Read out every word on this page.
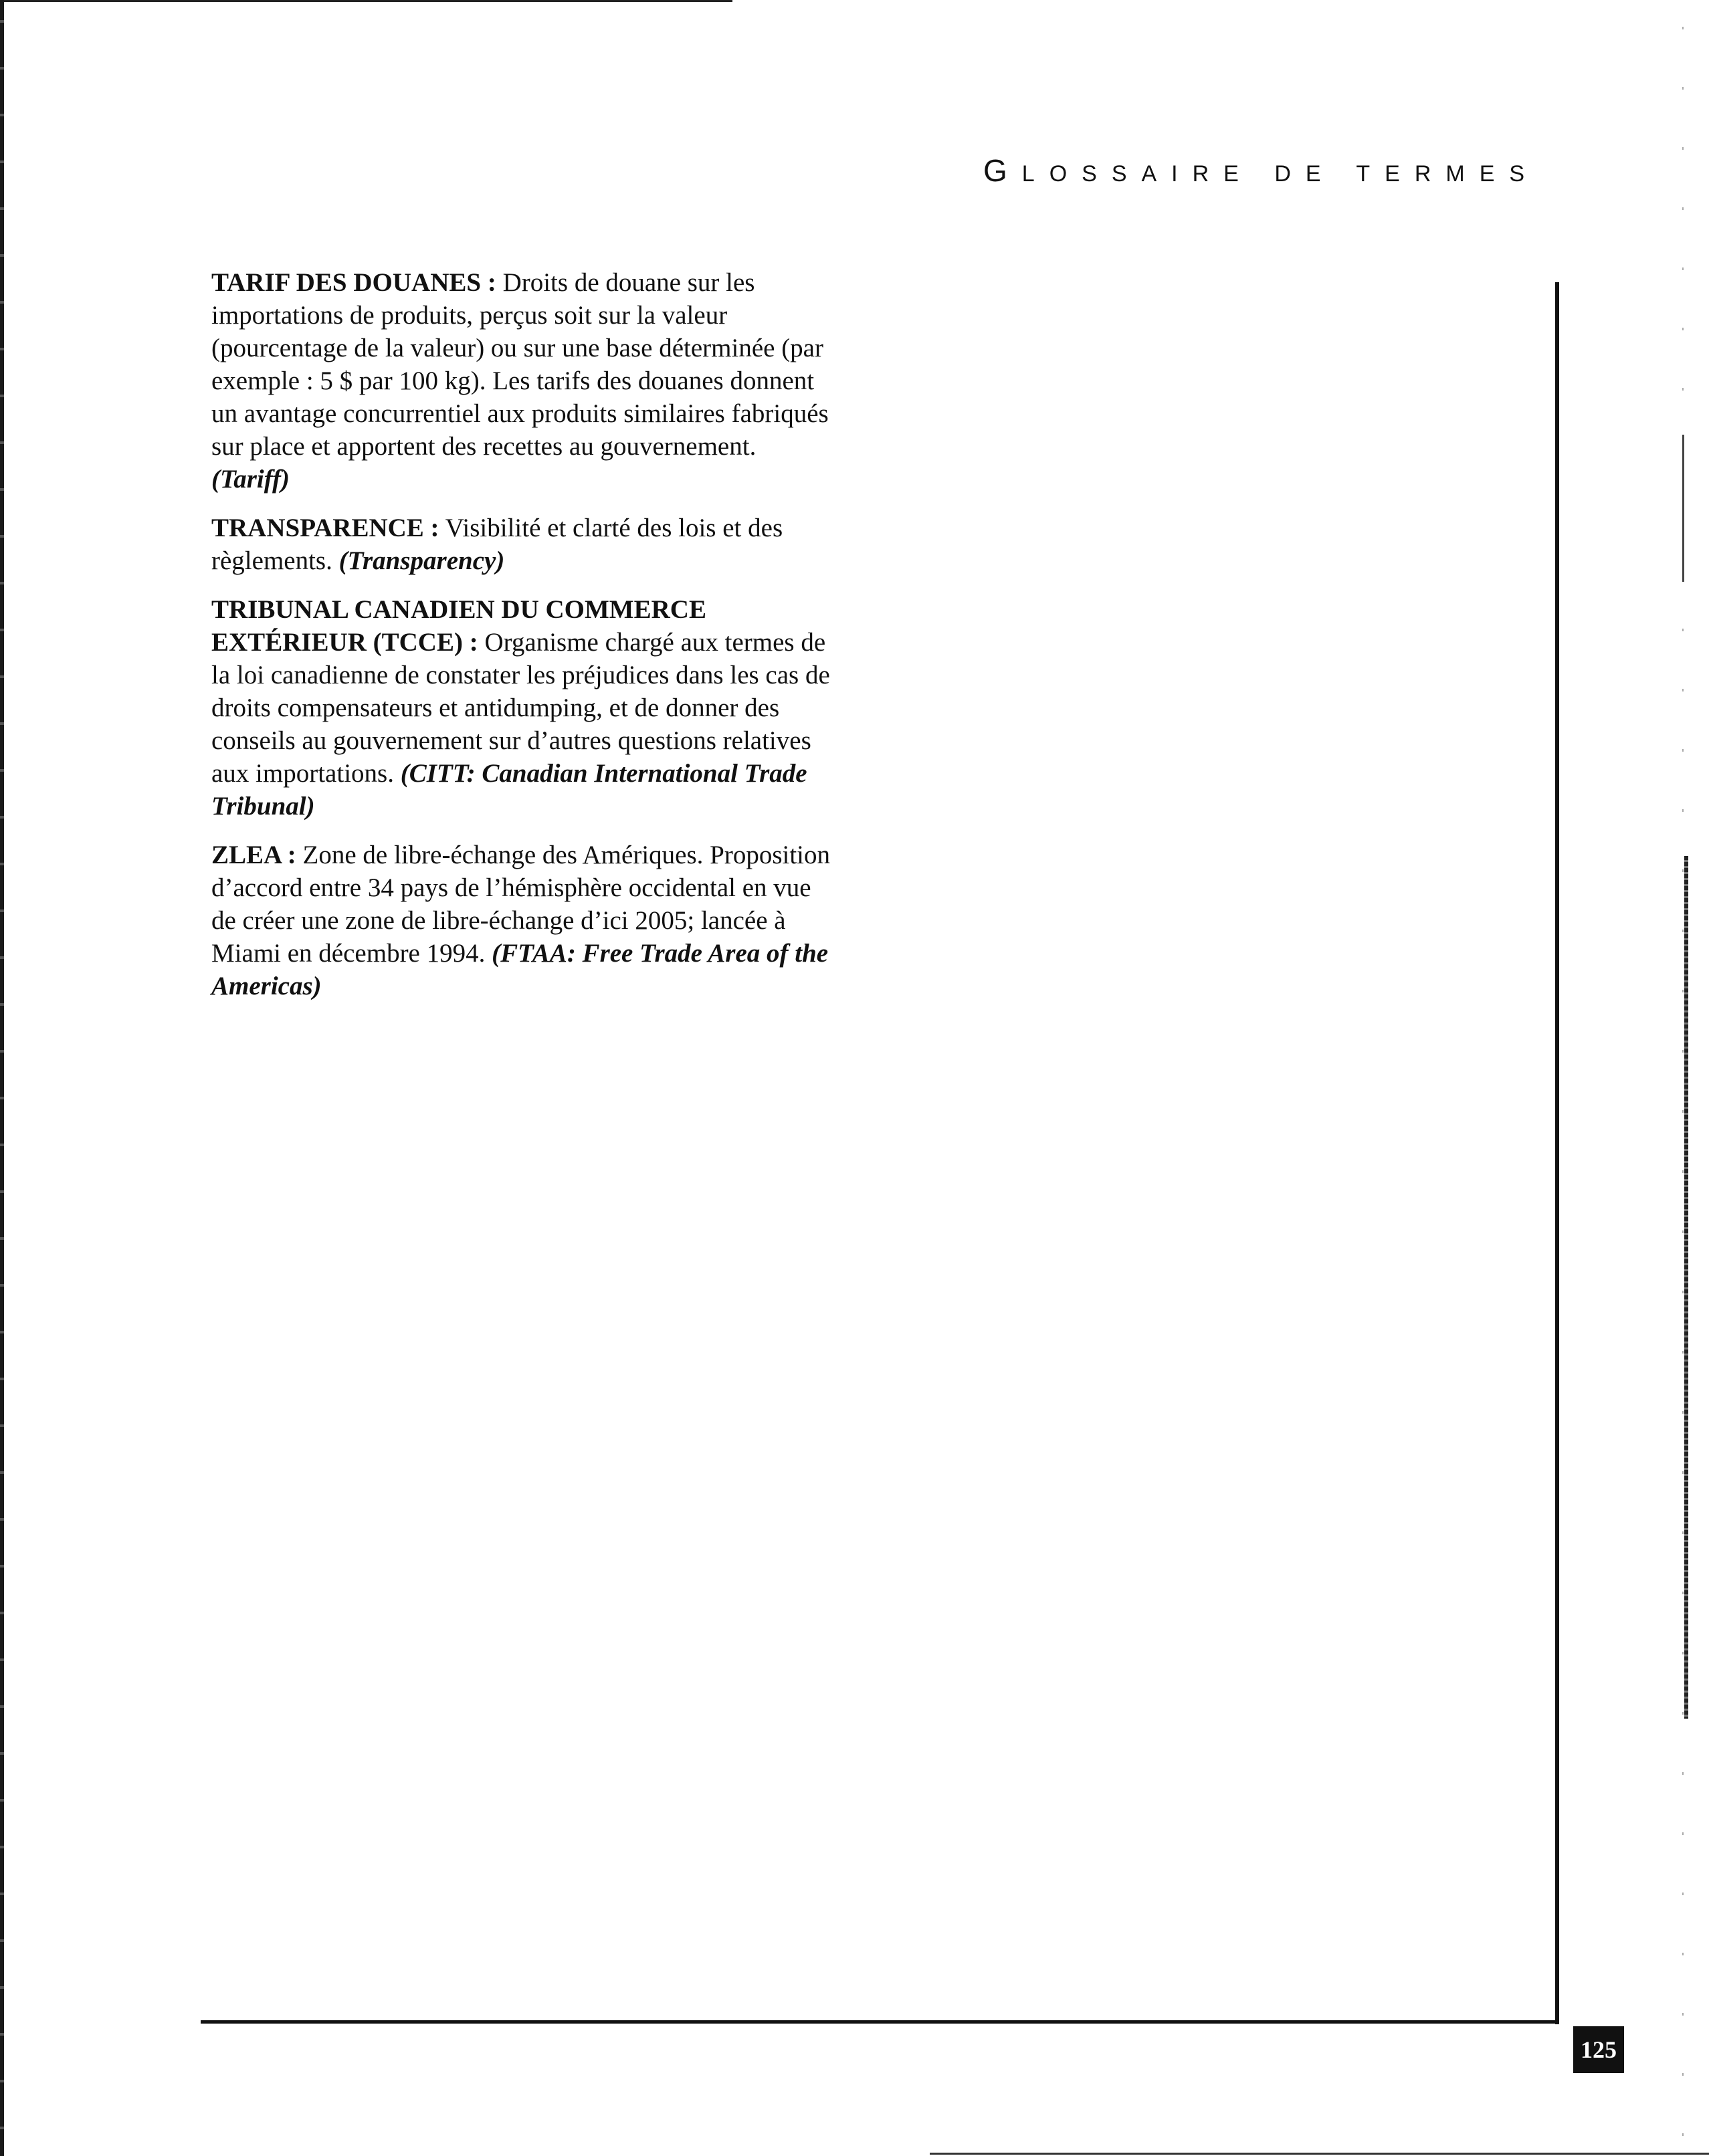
GLOSSAIRE DE TERMES

TARIF DES DOUANES : Droits de douane sur les importations de produits, perçus soit sur la valeur (pourcentage de la valeur) ou sur une base déterminée (par exemple : 5 $ par 100 kg). Les tarifs des douanes donnent un avantage concurrentiel aux produits similaires fabriqués sur place et apportent des recettes au gouvernement. (Tariff)

TRANSPARENCE : Visibilité et clarté des lois et des règlements. (Transparency)

TRIBUNAL CANADIEN DU COMMERCE EXTÉRIEUR (TCCE) : Organisme chargé aux termes de la loi canadienne de constater les préjudices dans les cas de droits compensateurs et antidumping, et de donner des conseils au gouvernement sur d’autres questions relatives aux importations. (CITT: Canadian International Trade Tribunal)

ZLEA : Zone de libre-échange des Amériques. Proposition d’accord entre 34 pays de l’hémisphère occidental en vue de créer une zone de libre-échange d’ici 2005; lancée à Miami en décembre 1994. (FTAA: Free Trade Area of the Americas)

125
